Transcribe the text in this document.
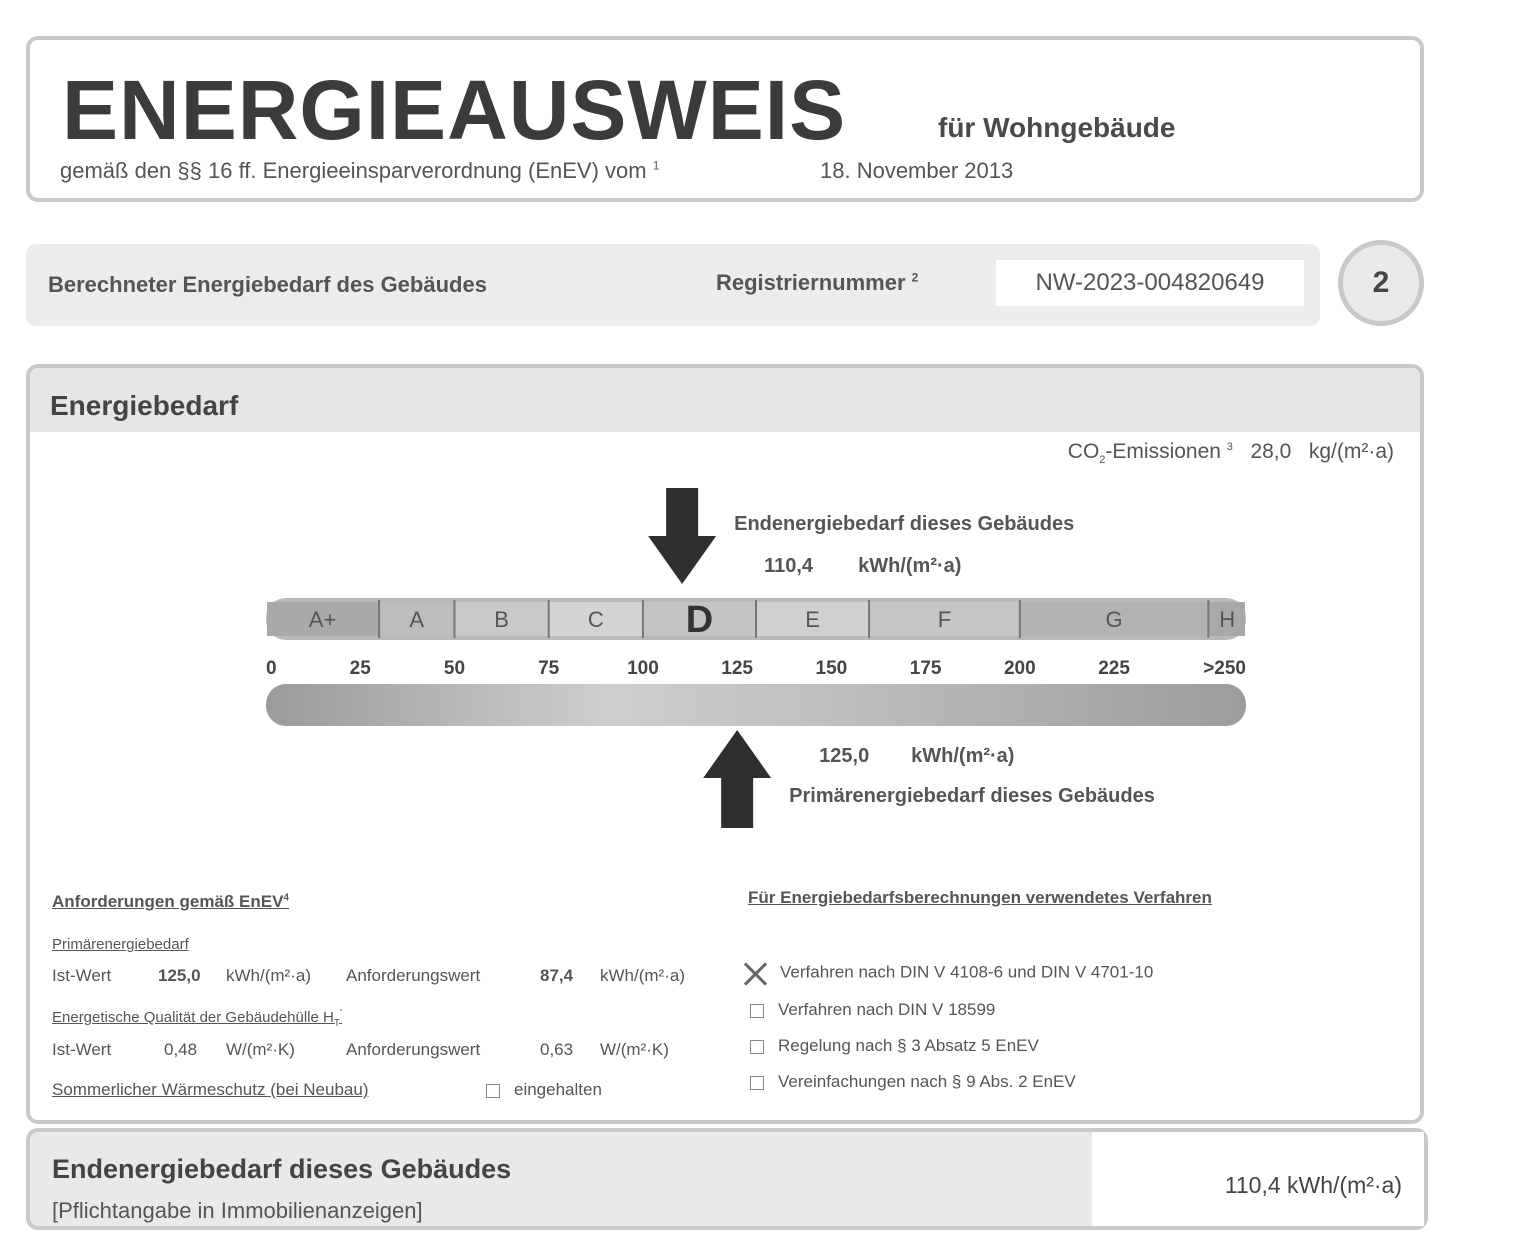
ENERGIEAUSWEIS	für Wohngebäude
gemäß den §§ 16 ff. Energieeinsparverordnung (EnEV) vom $^1$	18. November 2013
Berechneter Energiebedarf des Gebäudes	Registriernummer $^2$	NW-2023-004820649	2
Energiebedarf
$CO_2$-Emissionen $^3$ 28,0 kg/(m²·a)
A+	A	B	C D	E	F	G	H
0	25	50	75	100	125	150	175	200	225	>250
Endenergiebedarf dieses Gebäudes
110,4 kWh/(m²·a)
125,0 kWh/(m²·a)
Primärenergiebedarf dieses Gebäudes
Anforderungen gemäß EnEV$^4$
Primärenergiebedarf
Ist-Wert	125,0 kWh/(m²·a) Anforderungswert	87,4 kWh/(m²·a)
Energetische Qualität der Gebäudehülle $H_T'$
Ist-Wert	0,48 W/(m²·K)	Anforderungswert	0,63 W/(m²·K)
Sommerlicher Wärmeschutz (bei Neubau)	eingehalten
Für Energiebedarfsberechnungen verwendetes Verfahren
Verfahren nach DIN V 4108-6 und DIN V 4701-10
Verfahren nach DIN V 18599
Regelung nach § 3 Absatz 5 EnEV
Vereinfachungen nach § 9 Abs. 2 EnEV
Endenergiebedarf dieses Gebäudes
[Pflichtangabe in Immobilienanzeigen]
110,4 kWh/(m²·a)
